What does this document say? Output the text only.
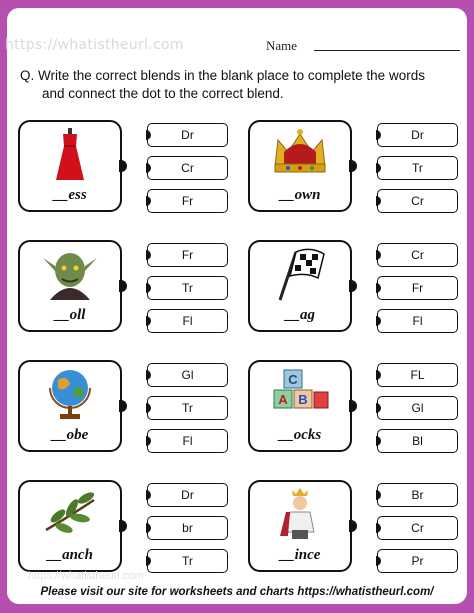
https://whatistheurl.com	Name
Q. Write the correct blends in the blank place to complete the words
and connect the dot to the correct blend.
__ess	__own
__oll	__ag
__obe
C
A B
__ocks
__anch	__ince
Dr
Cr
Fr
Dr
Tr
Cr
Fr
Tr
Fl
Cr
Fr
Fl
Gl
Tr
Fl
FL
Gl
Bl
Dr
br
Tr
Br
Cr
Pr
https://whatistheurl.com
Please visit our site for worksheets and charts https://whatistheurl.com/
